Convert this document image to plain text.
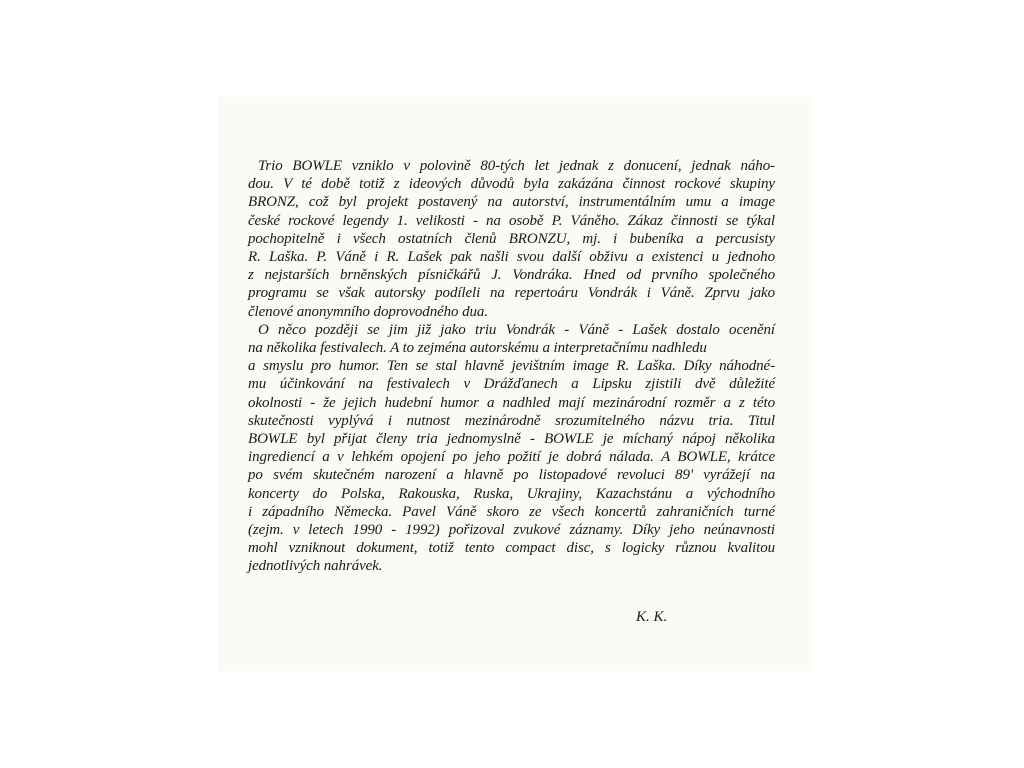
Trio BOWLE vzniklo v polovině 80-tých let jednak z donucení, jednak náho-
dou. V té době totiž z ideových důvodů byla zakázána činnost rockové skupiny
BRONZ, což byl projekt postavený na autorství, instrumentálním umu a image
české rockové legendy 1. velikosti - na osobě P. Váněho. Zákaz činnosti se týkal
pochopitelně i všech ostatních členů BRONZU, mj. i bubeníka a percusisty
R. Laška. P. Váně i R. Lašek pak našli svou další obživu a existenci u jednoho
z nejstarších brněnských písničkářů J. Vondráka. Hned od prvního společného
programu se však autorsky podíleli na repertoáru Vondrák i Váně. Zprvu jako
členové anonymního doprovodného dua.

O něco později se jim již jako triu Vondrák - Váně - Lašek dostalo ocenění
na několika festivalech. A to zejména autorskému a interpretačnímu nadhledu
a smyslu pro humor. Ten se stal hlavně jevištním image R. Laška. Díky náhodné-
mu účinkování na festivalech v Drážďanech a Lipsku zjistili dvě důležité
okolnosti - že jejich hudební humor a nadhled mají mezinárodní rozměr a z této
skutečnosti vyplývá i nutnost mezinárodně srozumitelného názvu tria. Titul
BOWLE byl přijat členy tria jednomyslně - BOWLE je míchaný nápoj několika
ingrediencí a v lehkém opojení po jeho požití je dobrá nálada. A BOWLE, krátce
po svém skutečném narození a hlavně po listopadové revoluci 89' vyrážejí na
koncerty do Polska, Rakouska, Ruska, Ukrajiny, Kazachstánu a východního
i západního Německa. Pavel Váně skoro ze všech koncertů zahraničních turné
(zejm. v letech 1990 - 1992) pořizoval zvukové záznamy. Díky jeho neúnavnosti
mohl vzniknout dokument, totiž tento compact disc, s logicky různou kvalitou
jednotlivých nahrávek.

K. K.
